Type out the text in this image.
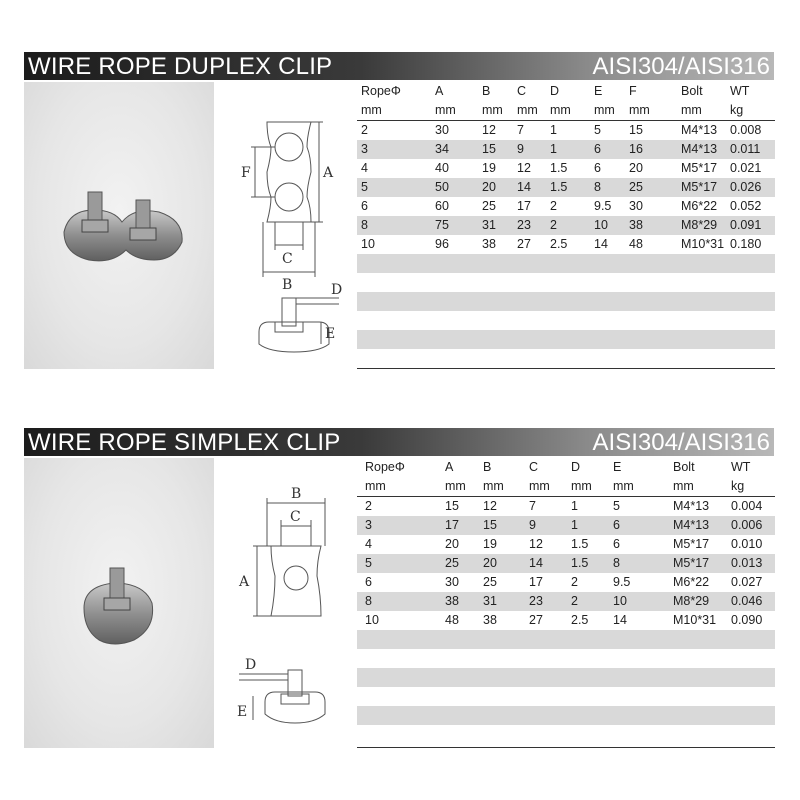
WIRE ROPE DUPLEX CLIP	AISI304/AISI316
A
F
C
B	D
E
RopeΦ	A	B C D	E F	Bolt WT
mm	mm mm mm mm mm mm mm kg
2	30	12 7 1	5 15	M4*13 0.008
3	34	15 9 1	6 16	M4*13 0.011
4	40	19 12 1.5 6 20	M5*17 0.021
5	50	20 14 1.5 8 25	M5*17 0.026
6	60	25 17 2	9.5 30	M6*22 0.052
8	75	31 23 2	10 38	M8*29 0.091
10	96	38 27 2.5 14 48	M10*31 0.180
WIRE ROPE SIMPLEX CLIP	AISI304/AISI316
B
C
A
D
E
RopeΦ	A B	C	D	E	Bolt	WT
mm	mm mm mm mm mm	mm	kg
2	15 12	7	1	5	M4*13 0.004
3	17 15	9	1	6	M4*13 0.006
4	20 19	12 1.5 6	M5*17 0.010
5	25 20	14 1.5 8	M5*17 0.013
6	30 25	17 2	9.5	M6*22 0.027
8	38 31	23 2	10	M8*29 0.046
10	48 38	27 2.5 14	M10*31 0.090
